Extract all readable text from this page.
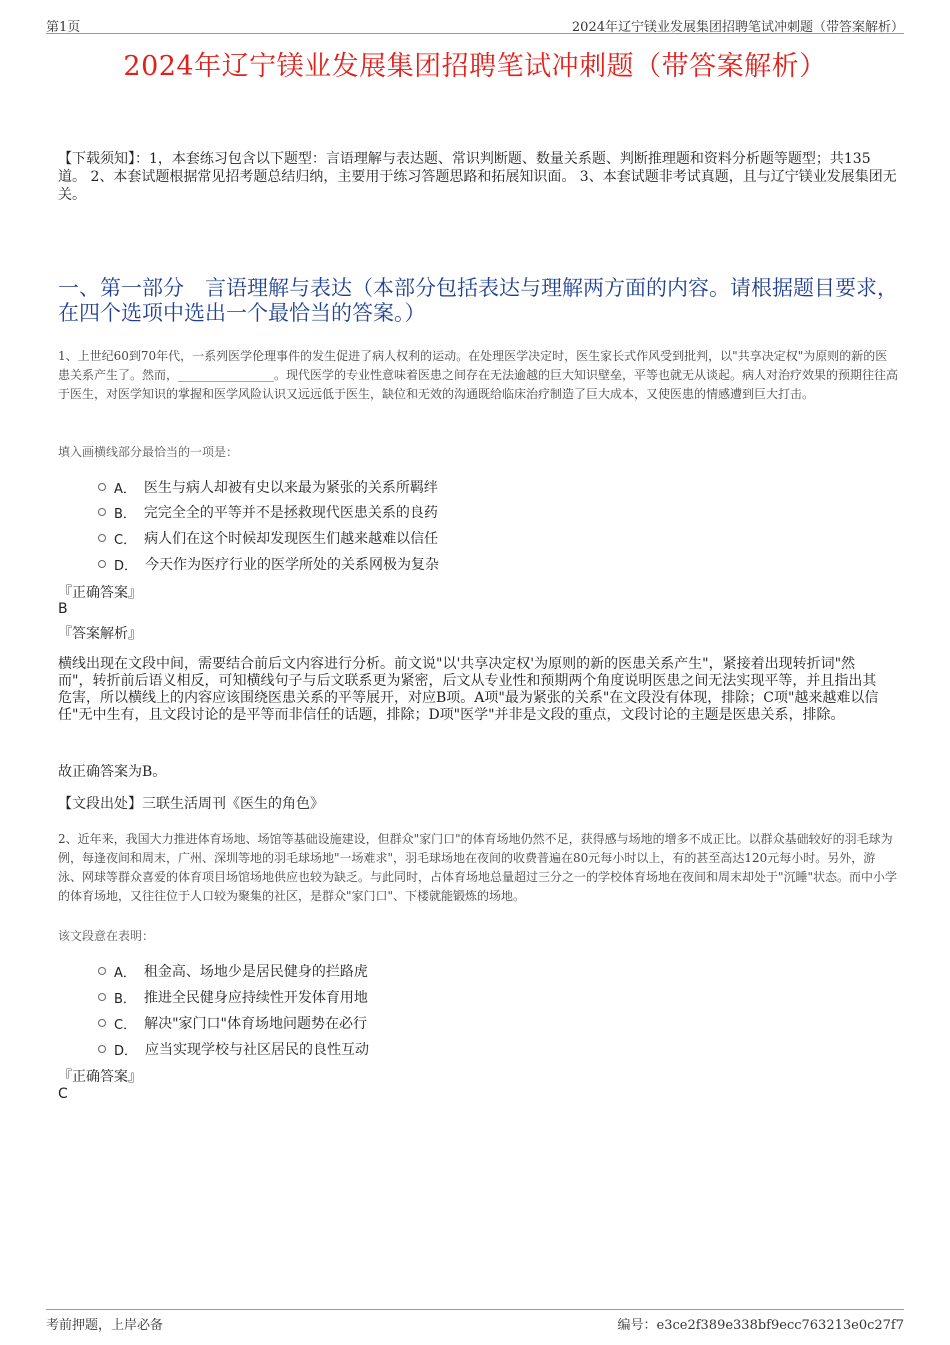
第1页	2024年辽宁镁业发展集团招聘笔试冲刺题（带答案解析）
2024年辽宁镁业发展集团招聘笔试冲刺题（带答案解析）
【下载须知】：1，本套练习包含以下题型：言语理解与表达题、常识判断题、数量关系题、判断推理题和资料分析题等题型；共135道。 2、本套试题根据常见招考题总结归纳，主要用于练习答题思路和拓展知识面。 3、本套试题非考试真题，且与辽宁镁业发展集团无关。
一、第一部分　言语理解与表达（本部分包括表达与理解两方面的内容。请根据题目要求，在四个选项中选出一个最恰当的答案。）
1、上世纪60到70年代，一系列医学伦理事件的发生促进了病人权利的运动。在处理医学决定时，医生家长式作风受到批判，以"共享决定权"为原则的新的医患关系产生了。然而，________________。现代医学的专业性意味着医患之间存在无法逾越的巨大知识壁垒，平等也就无从谈起。病人对治疗效果的预期往往高于医生，对医学知识的掌握和医学风险认识又远远低于医生，缺位和无效的沟通既给临床治疗制造了巨大成本，又使医患的情感遭到巨大打击。
填入画横线部分最恰当的一项是：
A． 医生与病人却被有史以来最为紧张的关系所羁绊
B． 完完全全的平等并不是拯救现代医患关系的良药
C． 病人们在这个时候却发现医生们越来越难以信任
D． 今天作为医疗行业的医学所处的关系网极为复杂
『正确答案』
B
『答案解析』
横线出现在文段中间，需要结合前后文内容进行分析。前文说"以'共享决定权'为原则的新的医患关系产生"，紧接着出现转折词"然而"，转折前后语义相反，可知横线句子与后文联系更为紧密，后文从专业性和预期两个角度说明医患之间无法实现平等，并且指出其危害，所以横线上的内容应该围绕医患关系的平等展开，对应B项。A项"最为紧张的关系"在文段没有体现，排除；C项"越来越难以信任"无中生有，且文段讨论的是平等而非信任的话题，排除；D项"医学"并非是文段的重点，文段讨论的主题是医患关系，排除。
故正确答案为B。
【文段出处】三联生活周刊《医生的角色》
2、近年来，我国大力推进体育场地、场馆等基础设施建设，但群众"家门口"的体育场地仍然不足，获得感与场地的增多不成正比。以群众基础较好的羽毛球为例，每逢夜间和周末，广州、深圳等地的羽毛球场地"一场难求"，羽毛球场地在夜间的收费普遍在80元每小时以上，有的甚至高达120元每小时。另外，游泳、网球等群众喜爱的体育项目场馆场地供应也较为缺乏。与此同时，占体育场地总量超过三分之一的学校体育场地在夜间和周末却处于"沉睡"状态。而中小学的体育场地，又往往位于人口较为聚集的社区，是群众"家门口"、下楼就能锻炼的场地。
该文段意在表明：
A． 租金高、场地少是居民健身的拦路虎
B． 推进全民健身应持续性开发体育用地
C． 解决"家门口"体育场地问题势在必行
D． 应当实现学校与社区居民的良性互动
『正确答案』
C
考前押题，上岸必备	编号：e3ce2f389e338bf9ecc763213e0c27f7
